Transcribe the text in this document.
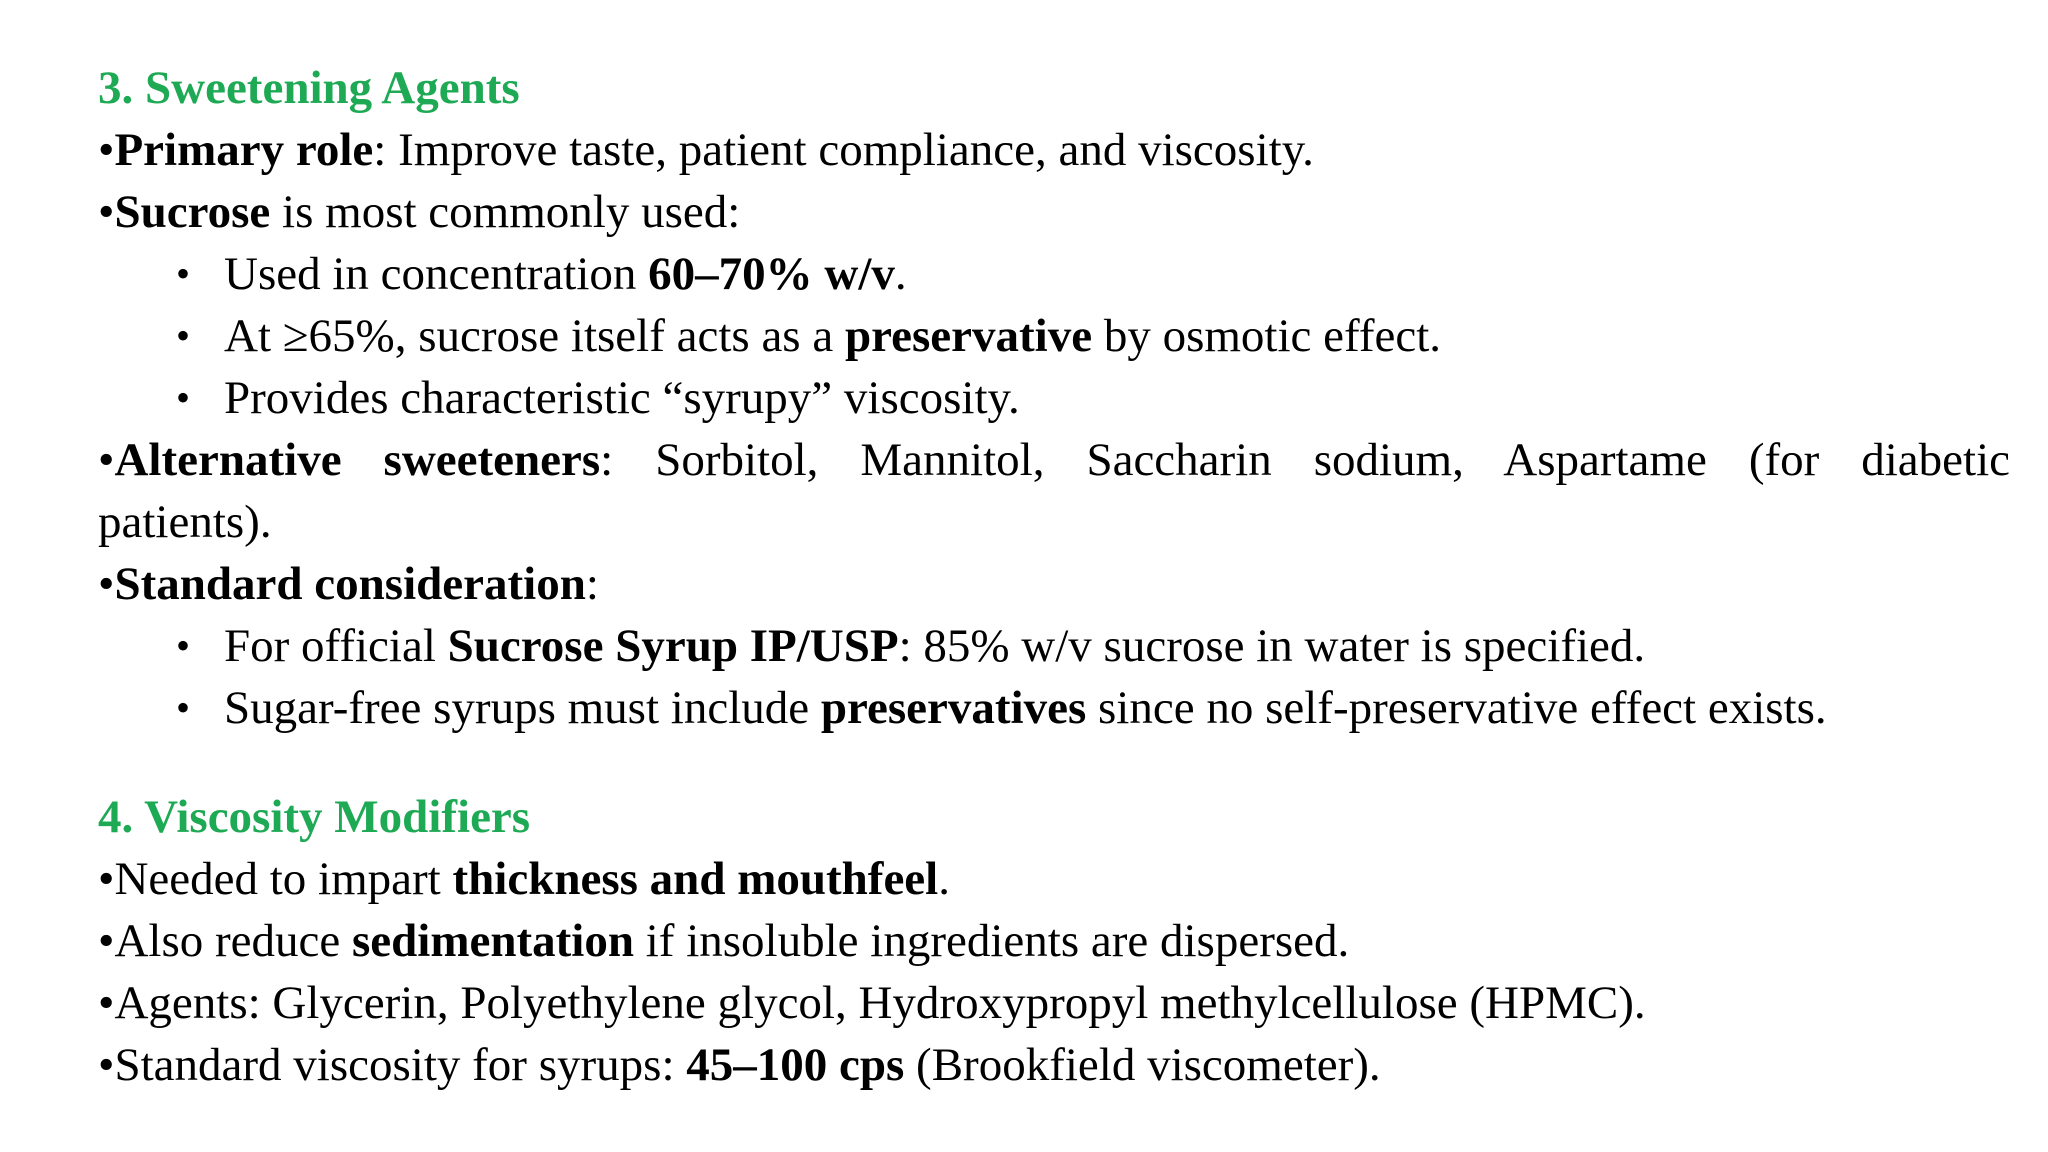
3. Sweetening Agents
•Primary role: Improve taste, patient compliance, and viscosity.
•Sucrose is most commonly used:
• Used in concentration 60–70% w/v.
• At ≥65%, sucrose itself acts as a preservative by osmotic effect.
• Provides characteristic “syrupy” viscosity.
•Alternative sweeteners: Sorbitol, Mannitol, Saccharin sodium, Aspartame (for diabetic
patients).
•Standard consideration:
• For official Sucrose Syrup IP/USP: 85% w/v sucrose in water is specified.
• Sugar-free syrups must include preservatives since no self-preservative effect exists.
4. Viscosity Modifiers
•Needed to impart thickness and mouthfeel.
•Also reduce sedimentation if insoluble ingredients are dispersed.
•Agents: Glycerin, Polyethylene glycol, Hydroxypropyl methylcellulose (HPMC).
•Standard viscosity for syrups: 45–100 cps (Brookfield viscometer).
